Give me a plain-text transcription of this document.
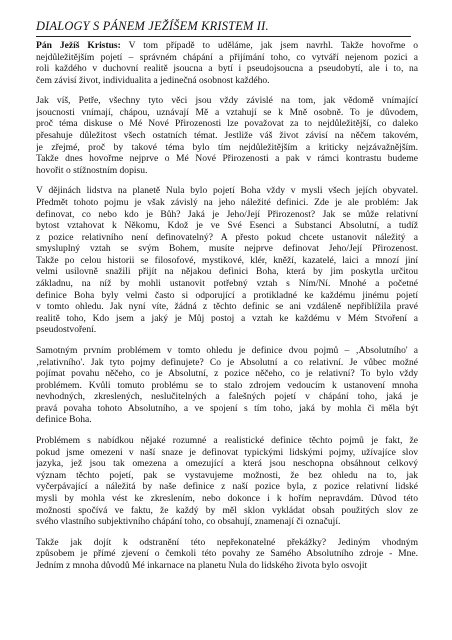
DIALOGY S PÁNEM JEŽÍŠEM KRISTEM II.
Pán Ježíš Kristus: V tom případě to uděláme, jak jsem navrhl. Takže hovořme o
nejdůležitějším pojetí – správném chápání a přijímání toho, co vytváří nejenom pozici a
roli každého v duchovní realitě jsoucna a bytí i pseudojsoucna a pseudobytí, ale i to, na
čem závisí život, individualita a jedinečná osobnost každého.
Jak víš, Petře, všechny tyto věci jsou vždy závislé na tom, jak vědomě vnímající
jsoucnosti vnímají, chápou, uznávají Mě a vztahují se k Mně osobně. To je důvodem,
proč téma diskuse o Mé Nové Přirozenosti lze považovat za to nejdůležitější, co daleko
přesahuje důležitost všech ostatních témat. Jestliže váš život závisí na něčem takovém,
je zřejmé, proč by takové téma bylo tím nejdůležitějším a kriticky nejzávažnějším.
Takže dnes hovořme nejprve o Mé Nové Přirozenosti a pak v rámci kontrastu budeme
hovořit o stížnostním dopisu.
V dějinách lidstva na planetě Nula bylo pojetí Boha vždy v mysli všech jejích obyvatel.
Předmět tohoto pojmu je však závislý na jeho náležité definici. Zde je ale problém: Jak
definovat, co nebo kdo je Bůh? Jaká je Jeho/Její Přirozenost? Jak se může relativní
bytost vztahovat k Někomu, Kdož je ve Své Esenci a Substanci Absolutní, a tudíž
z pozice relativního není definovatelný? A přesto pokud chcete ustanovit náležitý a
smysluplný vztah se svým Bohem, musíte nejprve definovat Jeho/Její Přirozenost.
Takže po celou historii se filosofové, mystikové, klér, kněží, kazatelé, laici a mnozí jiní
velmi usilovně snažili přijít na nějakou definici Boha, která by jim poskytla určitou
základnu, na níž by mohli ustanovit potřebný vztah s Ním/Ní. Mnohé a početné
definice Boha byly velmi často si odporující a protikladné ke každému jinému pojetí
v tomto ohledu. Jak nyní víte, žádná z těchto definic se ani vzdáleně nepřiblížila pravé
realitě toho, Kdo jsem a jaký je Můj postoj a vztah ke každému v Mém Stvoření a
pseudostvoření.
Samotným prvním problémem v tomto ohledu je definice dvou pojmů – ‚Absolutního' a
‚relativního'. Jak tyto pojmy definujete? Co je Absolutní a co relativní. Je vůbec možné
pojímat povahu něčeho, co je Absolutní, z pozice něčeho, co je relativní? To bylo vždy
problémem. Kvůli tomuto problému se to stalo zdrojem vedoucím k ustanovení mnoha
nevhodných, zkreslených, neslučitelných a falešných pojetí v chápání toho, jaká je
pravá povaha tohoto Absolutního, a ve spojení s tím toho, jaká by mohla či měla být
definice Boha.
Problémem s nabídkou nějaké rozumné a realistické definice těchto pojmů je fakt, že
pokud jsme omezeni v naší snaze je definovat typickými lidskými pojmy, užívajíce slov
jazyka, jež jsou tak omezena a omezující a která jsou neschopna obsáhnout celkový
význam těchto pojetí, pak se vystavujeme možnosti, že bez ohledu na to, jak
vyčerpávající a náležitá by naše definice z naší pozice byla, z pozice relativní lidské
mysli by mohla vést ke zkreslením, nebo dokonce i k hořím nepravdám. Důvod této
možnosti spočívá ve faktu, že každý by měl sklon vykládat obsah použitých slov ze
svého vlastního subjektivního chápání toho, co obsahují, znamenají či označují.
Takže jak dojít k odstranění této nepřekonatelné překážky? Jediným vhodným
způsobem je přímé zjevení o čemkoli této povahy ze Samého Absolutního zdroje - Mne.
Jedním z mnoha důvodů Mé inkarnace na planetu Nula do lidského života bylo osvojit
